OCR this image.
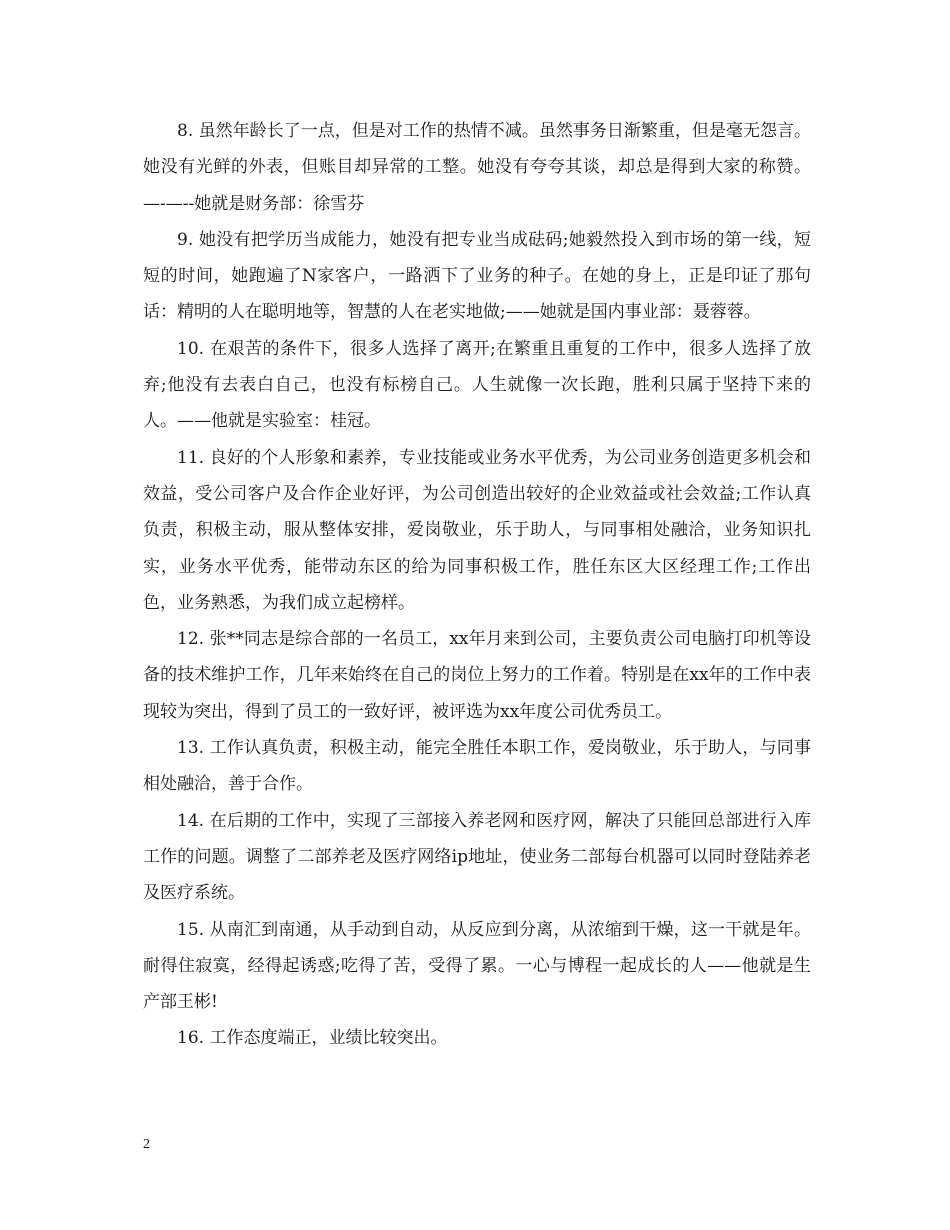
8. 虽然年龄长了一点，但是对工作的热情不减。虽然事务日渐繁重，但是毫无怨言。她没有光鲜的外表，但账目却异常的工整。她没有夸夸其谈，却总是得到大家的称赞。—-—--她就是财务部：徐雪芬

9. 她没有把学历当成能力，她没有把专业当成砝码;她毅然投入到市场的第一线，短短的时间，她跑遍了N家客户，一路洒下了业务的种子。在她的身上，正是印证了那句话：精明的人在聪明地等，智慧的人在老实地做;——她就是国内事业部：聂蓉蓉。

10. 在艰苦的条件下，很多人选择了离开;在繁重且重复的工作中，很多人选择了放弃;他没有去表白自己，也没有标榜自己。人生就像一次长跑，胜利只属于坚持下来的人。——他就是实验室：桂冠。

11. 良好的个人形象和素养，专业技能或业务水平优秀，为公司业务创造更多机会和效益，受公司客户及合作企业好评，为公司创造出较好的企业效益或社会效益;工作认真负责，积极主动，服从整体安排，爱岗敬业，乐于助人，与同事相处融洽，业务知识扎实，业务水平优秀，能带动东区的给为同事积极工作，胜任东区大区经理工作;工作出色，业务熟悉，为我们成立起榜样。

12. 张**同志是综合部的一名员工，xx年月来到公司，主要负责公司电脑打印机等设备的技术维护工作，几年来始终在自己的岗位上努力的工作着。特别是在xx年的工作中表现较为突出，得到了员工的一致好评，被评选为xx年度公司优秀员工。

13. 工作认真负责，积极主动，能完全胜任本职工作，爱岗敬业，乐于助人，与同事相处融洽，善于合作。

14. 在后期的工作中，实现了三部接入养老网和医疗网，解决了只能回总部进行入库工作的问题。调整了二部养老及医疗网络ip地址，使业务二部每台机器可以同时登陆养老及医疗系统。

15. 从南汇到南通，从手动到自动，从反应到分离，从浓缩到干燥，这一干就是年。耐得住寂寞，经得起诱惑;吃得了苦，受得了累。一心与博程一起成长的人——他就是生产部王彬!

16. 工作态度端正，业绩比较突出。

2
